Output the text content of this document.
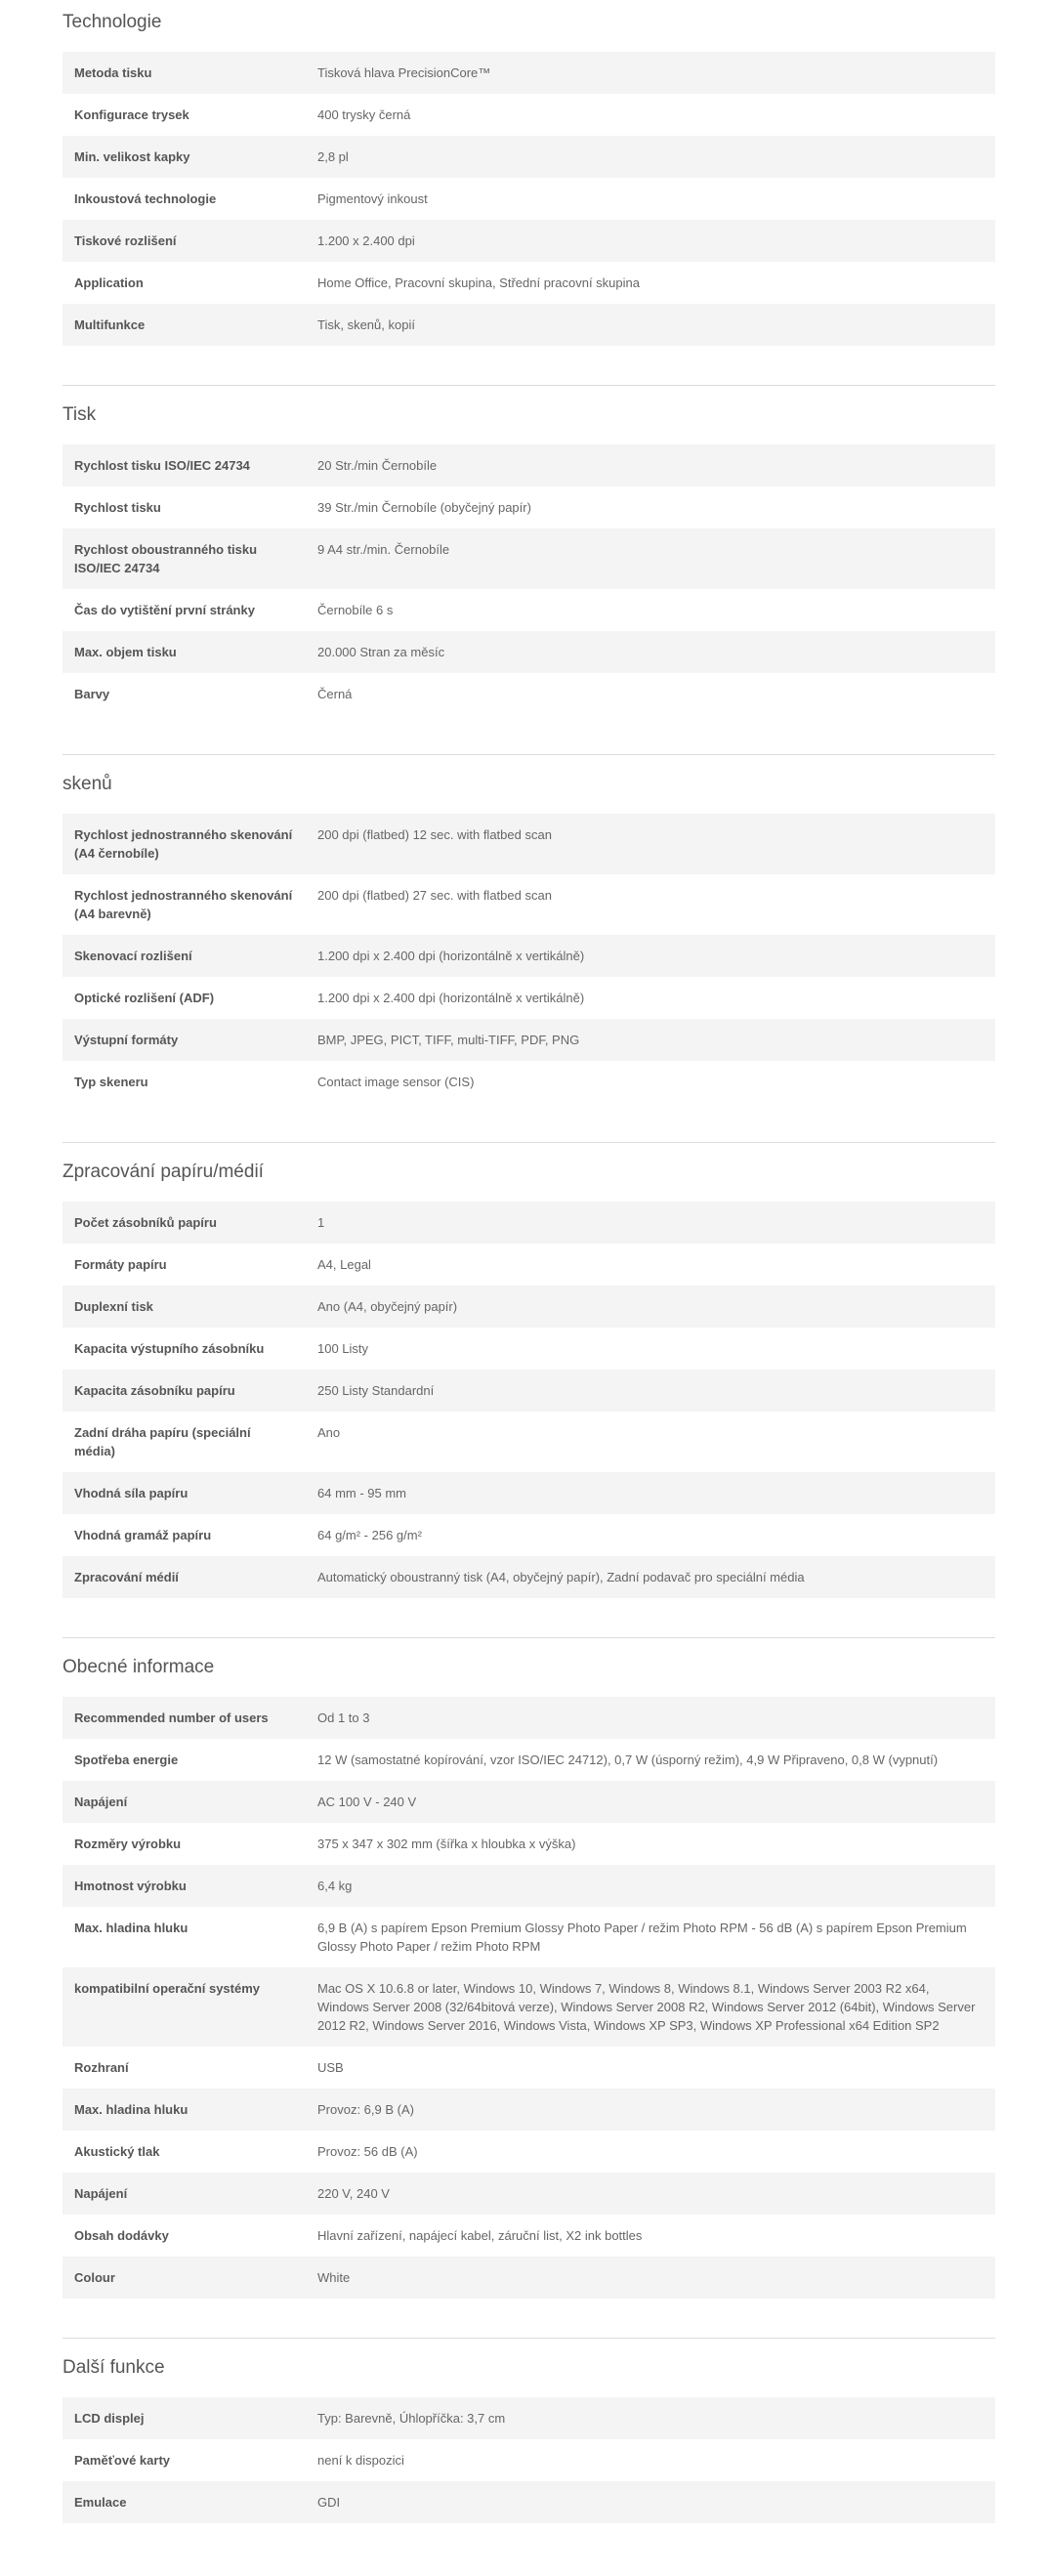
Technologie
Metoda tisku	Tisková hlava PrecisionCore™
Konfigurace trysek	400 trysky černá
Min. velikost kapky	2,8 pl
Inkoustová technologie	Pigmentový inkoust
Tiskové rozlišení	1.200 x 2.400 dpi
Application	Home Office, Pracovní skupina, Střední pracovní skupina
Multifunkce	Tisk, skenů, kopií
Tisk
Rychlost tisku ISO/IEC 24734	20 Str./min Černobíle
Rychlost tisku	39 Str./min Černobíle (obyčejný papír)
Rychlost oboustranného tisku ISO/IEC 24734	9 A4 str./min. Černobíle
Čas do vytištění první stránky	Černobíle 6 s
Max. objem tisku	20.000 Stran za měsíc
Barvy	Černá
skenů
Rychlost jednostranného skenování (A4 černobíle)	200 dpi (flatbed) 12 sec. with flatbed scan
Rychlost jednostranného skenování (A4 barevně)	200 dpi (flatbed) 27 sec. with flatbed scan
Skenovací rozlišení	1.200 dpi x 2.400 dpi (horizontálně x vertikálně)
Optické rozlišení (ADF)	1.200 dpi x 2.400 dpi (horizontálně x vertikálně)
Výstupní formáty	BMP, JPEG, PICT, TIFF, multi-TIFF, PDF, PNG
Typ skeneru	Contact image sensor (CIS)
Zpracování papíru/médií
Počet zásobníků papíru	1
Formáty papíru	A4, Legal
Duplexní tisk	Ano (A4, obyčejný papír)
Kapacita výstupního zásobníku	100 Listy
Kapacita zásobníku papíru	250 Listy Standardní
Zadní dráha papíru (speciální média)	Ano
Vhodná síla papíru	64 mm - 95 mm
Vhodná gramáž papíru	64 g/m² - 256 g/m²
Zpracování médií	Automatický oboustranný tisk (A4, obyčejný papír), Zadní podavač pro speciální média
Obecné informace
Recommended number of users	Od 1 to 3
Spotřeba energie	12 W (samostatné kopírování, vzor ISO/IEC 24712), 0,7 W (úsporný režim), 4,9 W Připraveno, 0,8 W (vypnutí)
Napájení	AC 100 V - 240 V
Rozměry výrobku	375 x 347 x 302 mm (šířka x hloubka x výška)
Hmotnost výrobku	6,4 kg
Max. hladina hluku	6,9 B (A) s papírem Epson Premium Glossy Photo Paper / režim Photo RPM - 56 dB (A) s papírem Epson Premium Glossy Photo Paper / režim Photo RPM
kompatibilní operační systémy	Mac OS X 10.6.8 or later, Windows 10, Windows 7, Windows 8, Windows 8.1, Windows Server 2003 R2 x64, Windows Server 2008 (32/64bitová verze), Windows Server 2008 R2, Windows Server 2012 (64bit), Windows Server 2012 R2, Windows Server 2016, Windows Vista, Windows XP SP3, Windows XP Professional x64 Edition SP2
Rozhraní	USB
Max. hladina hluku	Provoz: 6,9 B (A)
Akustický tlak	Provoz: 56 dB (A)
Napájení	220 V, 240 V
Obsah dodávky	Hlavní zařízení, napájecí kabel, záruční list, X2 ink bottles
Colour	White
Další funkce
LCD displej	Typ: Barevně, Úhlopříčka: 3,7 cm
Paměťové karty	není k dispozici
Emulace	GDI
